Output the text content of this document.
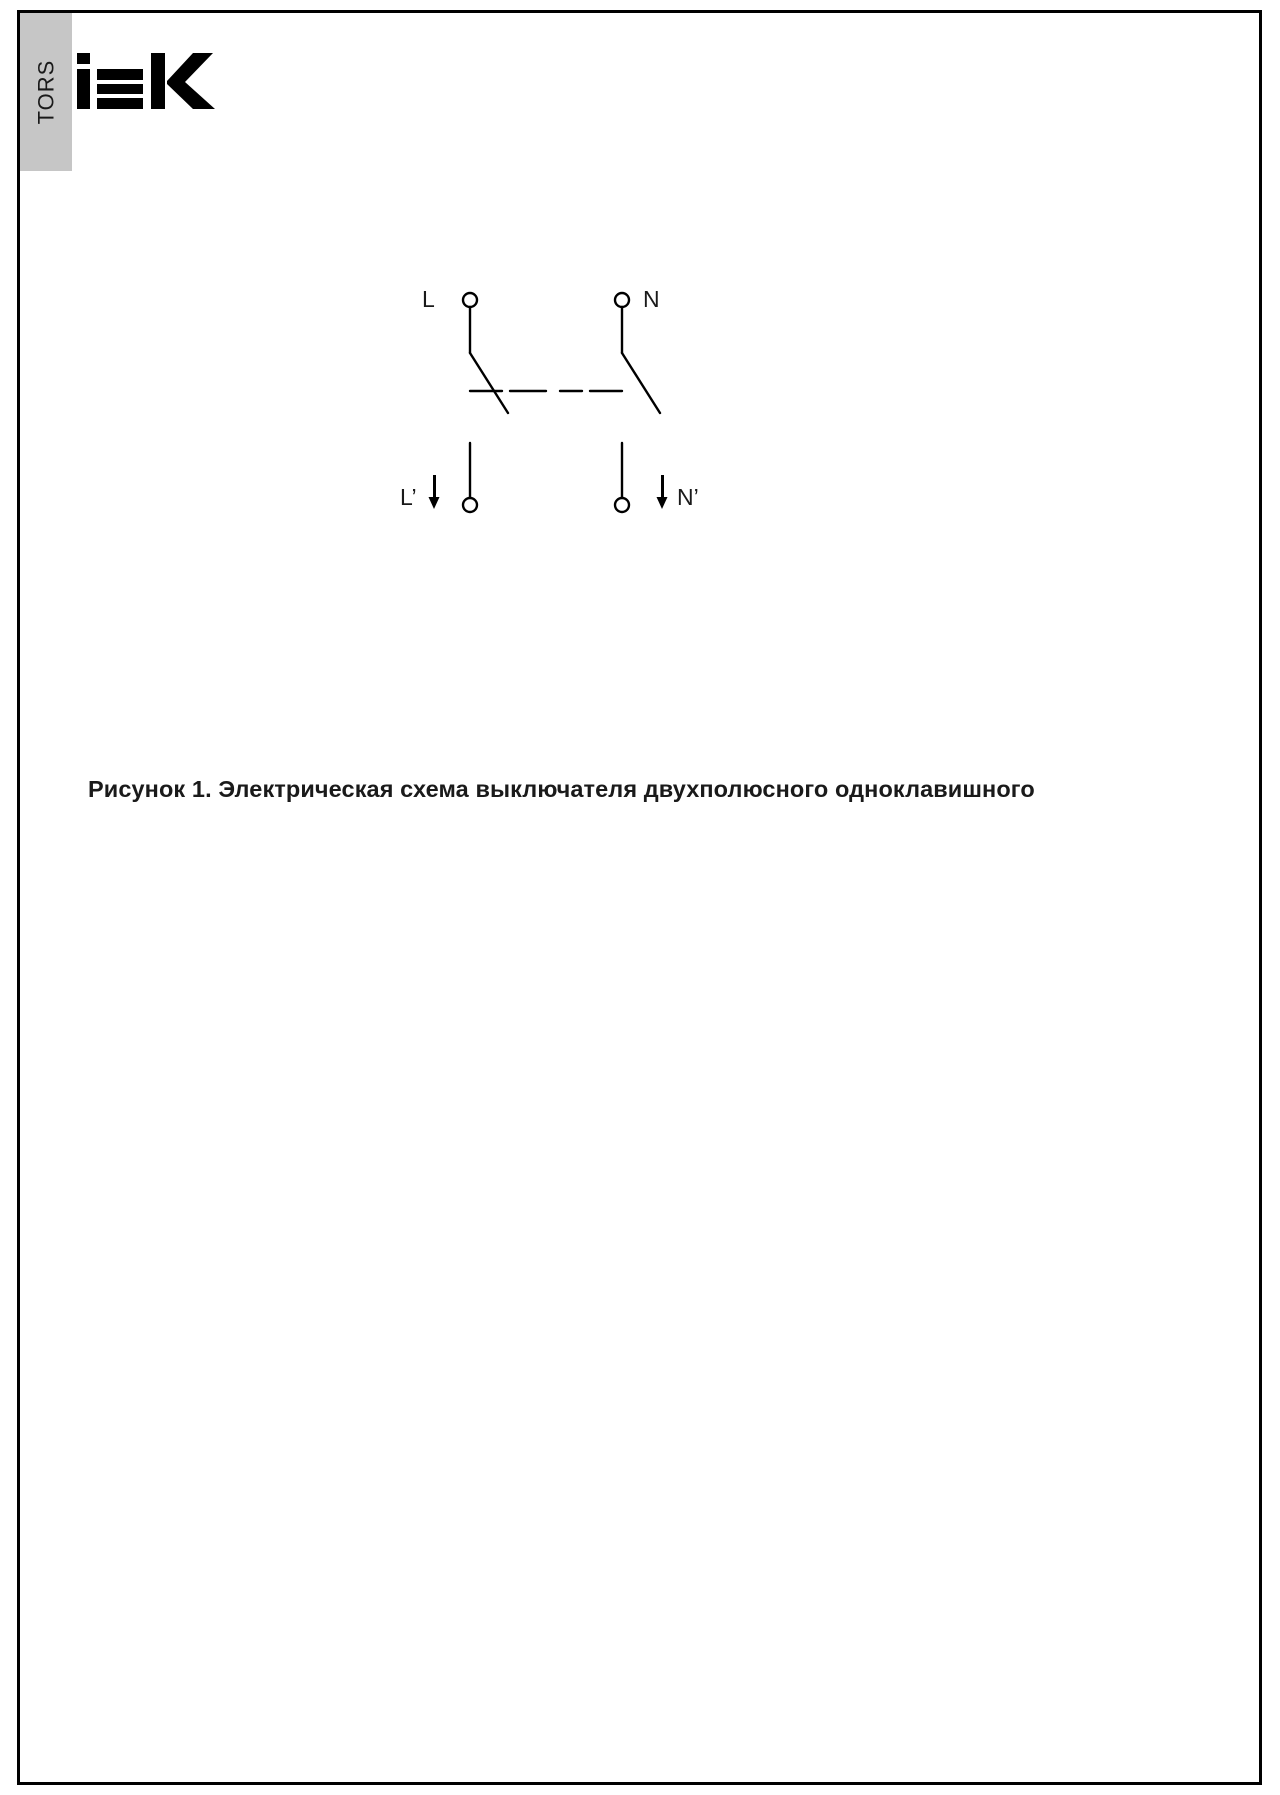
TORS
L	N
L’	N’
Рисунок 1. Электрическая схема выключателя двухполюсного одноклавишного
